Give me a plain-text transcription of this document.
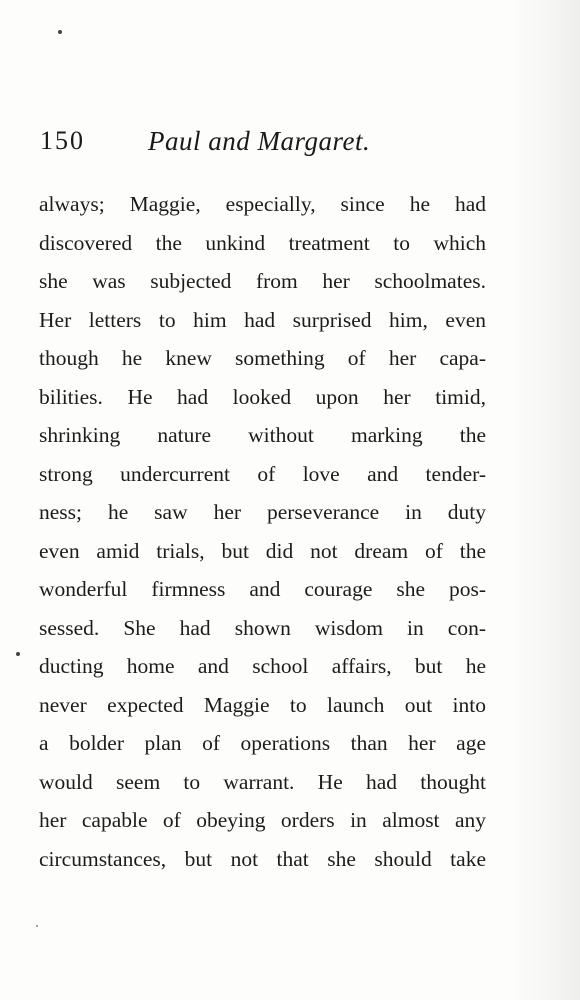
150 Paul and Margaret.
always; Maggie, especially, since he had
discovered the unkind treatment to which
she was subjected from her schoolmates.
Her letters to him had surprised him, even
though he knew something of her capa-
bilities. He had looked upon her timid,
shrinking nature without marking the
strong undercurrent of love and tender-
ness; he saw her perseverance in duty
even amid trials, but did not dream of the
wonderful firmness and courage she pos-
sessed. She had shown wisdom in con-
ducting home and school affairs, but he
never expected Maggie to launch out into
a bolder plan of operations than her age
would seem to warrant. He had thought
her capable of obeying orders in almost any
circumstances, but not that she should take
